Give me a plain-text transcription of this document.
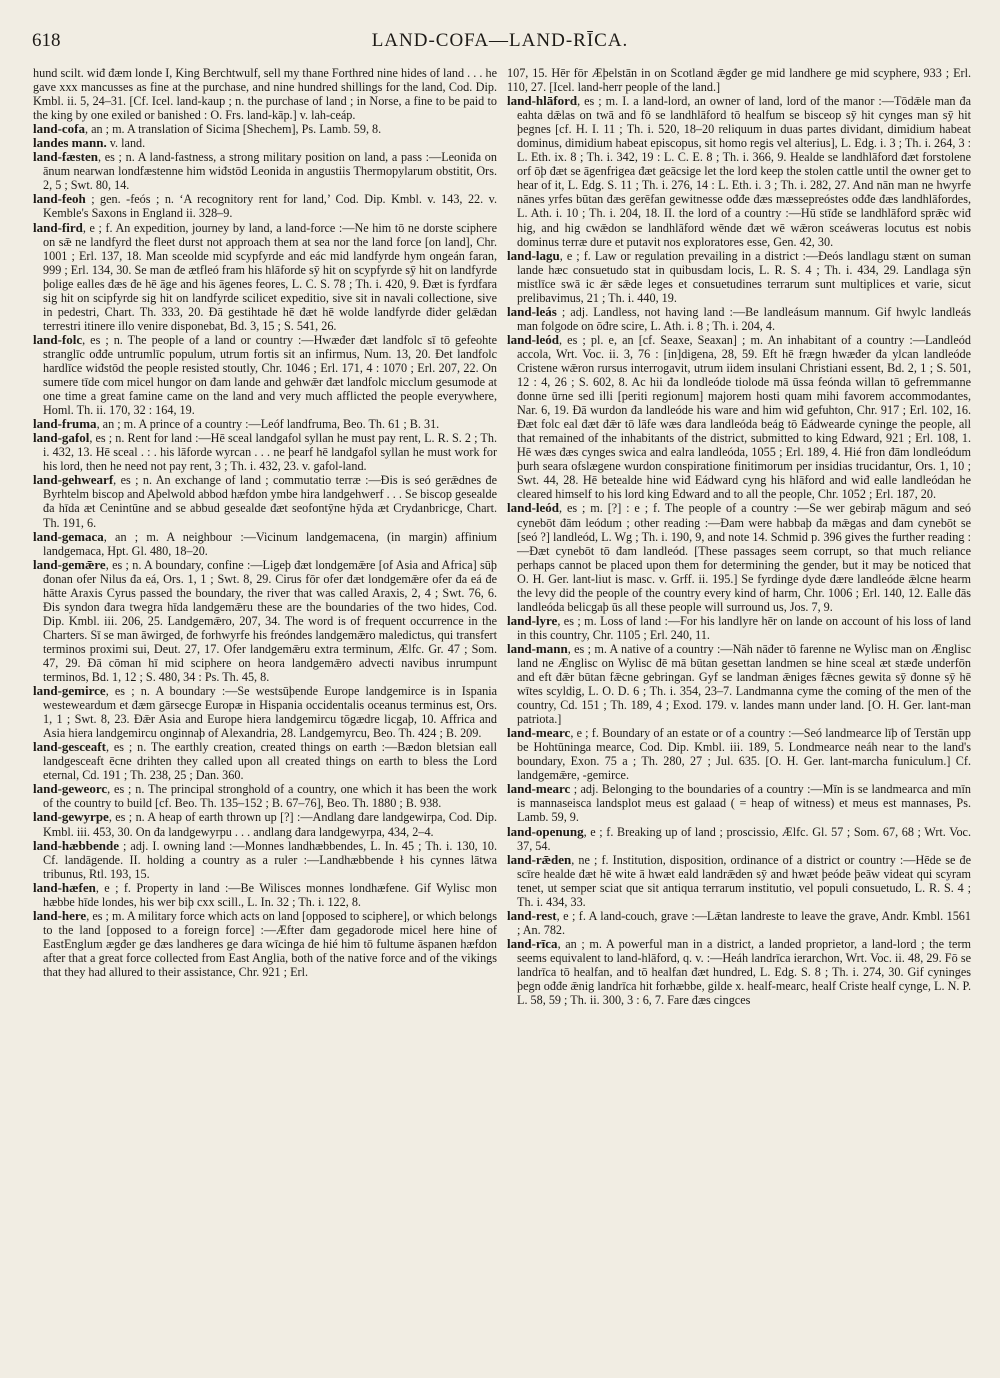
618	LAND-COFA—LAND-RĪCA.

hund scilt. wiđ đæm londe I, King Berchtwulf, sell my thane Forthred nine hides of land . . . he gave xxx mancusses as fine at the purchase, and nine hundred shillings for the land, Cod. Dip. Kmbl. ii. 5, 24–31. [Cf. Icel. land-kaup ; n. the purchase of land ; in Norse, a fine to be paid to the king by one exiled or banished : O. Frs. land-kāp.] v. lah-ceáp.

land-cofa, an ; m. A translation of Sicima [Shechem], Ps. Lamb. 59, 8.

landes mann. v. land.

land-fæsten, es ; n. A land-fastness, a strong military position on land, a pass :—Leoniđa on ānum nearwan londfæstenne him wiđstōd Leonida in angustiis Thermopylarum obstitit, Ors. 2, 5 ; Swt. 80, 14.

land-feoh ; gen. -feós ; n. ‘A recognitory rent for land,’ Cod. Dip. Kmbl. v. 143, 22. v. Kemble's Saxons in England ii. 328–9.

land-fird, e ; f. An expedition, journey by land, a land-force :—Ne him tō ne dorste sciphere on sǣ ne landfyrd the fleet durst not approach them at sea nor the land force [on land], Chr. 1001 ; Erl. 137, 18. Man sceolde mid scypfyrde and eác mid landfyrde hym ongeán faran, 999 ; Erl. 134, 30. Se man đe ætfleó fram his hlāforde sȳ hit on scypfyrde sȳ hit on landfyrde þolige ealles đæs đe hē āge and his āgenes feores, L. C. S. 78 ; Th. i. 420, 9. Đæt is fyrdfara sig hit on scipfyrde sig hit on landfyrde scilicet expeditio, sive sit in navali collectione, sive in pedestri, Chart. Th. 333, 20. Đā gestihtade hē đæt hē wolde landfyrde đider gelǣdan terrestri itinere illo venire disponebat, Bd. 3, 15 ; S. 541, 26.

land-folc, es ; n. The people of a land or country :—Hwæđer đæt landfolc sī tō gefeohte stranglīc ođđe untrumlīc populum, utrum fortis sit an infirmus, Num. 13, 20. Đet landfolc hardlīce wiđstōd the people resisted stoutly, Chr. 1046 ; Erl. 171, 4 : 1070 ; Erl. 207, 22. On sumere tīde com micel hungor on đam lande and gehwǣr đæt landfolc micclum gesumode at one time a great famine came on the land and very much afflicted the people everywhere, Homl. Th. ii. 170, 32 : 164, 19.

land-fruma, an ; m. A prince of a country :—Leóf landfruma, Beo. Th. 61 ; B. 31.

land-gafol, es ; n. Rent for land :—Hē sceal landgafol syllan he must pay rent, L. R. S. 2 ; Th. i. 432, 13. Hē sceal . : . his lāforde wyrcan . . . ne þearf hē landgafol syllan he must work for his lord, then he need not pay rent, 3 ; Th. i. 432, 23. v. gafol-land.

land-gehwearf, es ; n. An exchange of land ; commutatio terræ :—Đis is seó gerǣdnes đe Byrhtelm biscop and Aþelwold abbod hæfdon ymbe hira landgehwerf . . . Se biscop gesealde đa hīda æt Cenintūne and se abbud gesealde đæt seofontȳne hȳda æt Crydanbricge, Chart. Th. 191, 6.

land-gemaca, an ; m. A neighbour :—Vicinum landgemacena, (in margin) affinium landgemaca, Hpt. Gl. 480, 18–20.

land-gemǣre, es ; n. A boundary, confine :—Ligeþ đæt londgemǣre [of Asia and Africa] sūþ đonan ofer Nilus đa eá, Ors. 1, 1 ; Swt. 8, 29. Cirus fōr ofer đæt londgemǣre ofer đa eá đe hātte Araxis Cyrus passed the boundary, the river that was called Araxis, 2, 4 ; Swt. 76, 6. Đis syndon đara twegra hīda landgemǣru these are the boundaries of the two hides, Cod. Dip. Kmbl. iii. 206, 25. Landgemǣro, 207, 34. The word is of frequent occurrence in the Charters. Sī se man āwirged, đe forhwyrfe his freóndes landgemǣro maledictus, qui transfert terminos proximi sui, Deut. 27, 17. Ofer landgemǣru extra terminum, Ælfc. Gr. 47 ; Som. 47, 29. Đā cōman hī mid sciphere on heora landgemǣro advecti navibus inrumpunt terminos, Bd. 1, 12 ; S. 480, 34 : Ps. Th. 45, 8.

land-gemirce, es ; n. A boundary :—Se westsūþende Europe landgemirce is in Ispania westeweardum et đæm gārsecge Europæ in Hispania occidentalis oceanus terminus est, Ors. 1, 1 ; Swt. 8, 23. Đǣr Asia and Europe hiera landgemircu tōgædre licgaþ, 10. Affrica and Asia hiera landgemircu onginnaþ of Alexandria, 28. Landgemyrcu, Beo. Th. 424 ; B. 209.

land-gesceaft, es ; n. The earthly creation, created things on earth :—Bædon bletsian eall landgesceaft ēcne drihten they called upon all created things on earth to bless the Lord eternal, Cd. 191 ; Th. 238, 25 ; Dan. 360.

land-geweorc, es ; n. The principal stronghold of a country, one which it has been the work of the country to build [cf. Beo. Th. 135–152 ; B. 67–76], Beo. Th. 1880 ; B. 938.

land-gewyrpe, es ; n. A heap of earth thrown up [?] :—Andlang đare landgewirpa, Cod. Dip. Kmbl. iii. 453, 30. On đa landgewyrpu . . . andlang đara landgewyrpa, 434, 2–4.

land-hæbbende ; adj. I. owning land :—Monnes landhæbbendes, L. In. 45 ; Th. i. 130, 10. Cf. landāgende. II. holding a country as a ruler :—Landhæbbende ł his cynnes lātwa tribunus, Rtl. 193, 15.

land-hæfen, e ; f. Property in land :—Be Wilisces monnes londhæfene. Gif Wylisc mon hæbbe hīde londes, his wer biþ cxx scill., L. In. 32 ; Th. i. 122, 8.

land-here, es ; m. A military force which acts on land [opposed to sciphere], or which belongs to the land [opposed to a foreign force] :—Æfter đam gegadorode micel here hine of EastEnglum ægđer ge đæs landheres ge đara wīcinga đe hié him tō fultume āspanen hæfdon after that a great force collected from East Anglia, both of the native force and of the vikings that they had allured to their assistance, Chr. 921 ; Erl.

107, 15. Hēr fōr Æþelstān in on Scotland ǣgđer ge mid landhere ge mid scyphere, 933 ; Erl. 110, 27. [Icel. land-herr people of the land.]

land-hlāford, es ; m. I. a land-lord, an owner of land, lord of the manor :—Tōdǣle man đa eahta dǣlas on twā and fō se landhlāford tō healfum se bisceop sȳ hit cynges man sȳ hit þegnes [cf. H. I. 11 ; Th. i. 520, 18–20 reliquum in duas partes dividant, dimidium habeat dominus, dimidium habeat episcopus, sit homo regis vel alterius], L. Edg. i. 3 ; Th. i. 264, 3 : L. Eth. ix. 8 ; Th. i. 342, 19 : L. C. E. 8 ; Th. i. 366, 9. Healde se landhlāford đæt forstolene orf ōþ đæt se āgenfrigea đæt geācsige let the lord keep the stolen cattle until the owner get to hear of it, L. Edg. S. 11 ; Th. i. 276, 14 : L. Eth. i. 3 ; Th. i. 282, 27. And nān man ne hwyrfe nānes yrfes būtan đæs gerēfan gewitnesse ođđe đæs mæssepreóstes ođđe đæs landhlāfordes, L. Ath. i. 10 ; Th. i. 204, 18. II. the lord of a country :—Hū stīđe se landhlāford sprǣc wiđ hig, and hig cwǣdon se landhlāford wēnde đæt wē wǣron sceáweras locutus est nobis dominus terræ dure et putavit nos exploratores esse, Gen. 42, 30.

land-lagu, e ; f. Law or regulation prevailing in a district :—Đeós landlagu stænt on suman lande hæc consuetudo stat in quibusdam locis, L. R. S. 4 ; Th. i. 434, 29. Landlaga sȳn mistlīce swā ic ǣr sǣde leges et consuetudines terrarum sunt multiplices et varie, sicut prelibavimus, 21 ; Th. i. 440, 19.

land-leás ; adj. Landless, not having land :—Be landleásum mannum. Gif hwylc landleás man folgode on ōđre scire, L. Ath. i. 8 ; Th. i. 204, 4.

land-leód, es ; pl. e, an [cf. Seaxe, Seaxan] ; m. An inhabitant of a country :—Landleód accola, Wrt. Voc. ii. 3, 76 : [in]digena, 28, 59. Eft hē frægn hwæđer đa ylcan landleóde Cristene wǣron rursus interrogavit, utrum iidem insulani Christiani essent, Bd. 2, 1 ; S. 501, 12 : 4, 26 ; S. 602, 8. Ac hii đa londleóde tiolode mā ūssa feónda willan tō gefremmanne đonne ūrne sed illi [periti regionum] majorem hosti quam mihi favorem accommodantes, Nar. 6, 19. Đā wurdon đa landleóde his ware and him wiđ gefuhton, Chr. 917 ; Erl. 102, 16. Đæt folc eal đæt đǣr tō lāfe wæs đara landleóda beág tō Eádwearde cyninge the people, all that remained of the inhabitants of the district, submitted to king Edward, 921 ; Erl. 108, 1. Hē wæs đæs cynges swica and ealra landleóda, 1055 ; Erl. 189, 4. Hié fron đām londleódum þurh seara ofslægene wurdon conspiratione finitimorum per insidias trucidantur, Ors. 1, 10 ; Swt. 44, 28. Hē betealde hine wiđ Eádward cyng his hlāford and wiđ ealle landleódan he cleared himself to his lord king Edward and to all the people, Chr. 1052 ; Erl. 187, 20.

land-leód, es ; m. [?] : e ; f. The people of a country :—Se wer gebiraþ māgum and seó cynebōt đām leódum ; other reading :—Đam were habbaþ đa mǣgas and đam cynebōt se [seó ?] landleód, L. Wg ; Th. i. 190, 9, and note 14. Schmid p. 396 gives the further reading :—Đæt cynebōt tō đam landleód. [These passages seem corrupt, so that much reliance perhaps cannot be placed upon them for determining the gender, but it may be noticed that O. H. Ger. lant-liut is masc. v. Grff. ii. 195.] Se fyrdinge dyde đære landleóde ǣlcne hearm the levy did the people of the country every kind of harm, Chr. 1006 ; Erl. 140, 12. Ealle đās landleóda belicgaþ ūs all these people will surround us, Jos. 7, 9.

land-lyre, es ; m. Loss of land :—For his landlyre hēr on lande on account of his loss of land in this country, Chr. 1105 ; Erl. 240, 11.

land-mann, es ; m. A native of a country :—Nāh nāđer tō farenne ne Wylisc man on Ænglisc land ne Ænglisc on Wylisc đē mā būtan gesettan landmen se hine sceal æt stæđe underfōn and eft đǣr būtan fǣcne gebringan. Gyf se landman ǣniges fǣcnes gewita sȳ đonne sȳ hē wītes scyldig, L. O. D. 6 ; Th. i. 354, 23–7. Landmanna cyme the coming of the men of the country, Cd. 151 ; Th. 189, 4 ; Exod. 179. v. landes mann under land. [O. H. Ger. lant-man patriota.]

land-mearc, e ; f. Boundary of an estate or of a country :—Seó landmearce līþ of Terstān upp be Hohtūninga mearce, Cod. Dip. Kmbl. iii. 189, 5. Londmearce neáh near to the land's boundary, Exon. 75 a ; Th. 280, 27 ; Jul. 635. [O. H. Ger. lant-marcha funiculum.] Cf. landgemǣre, -gemirce.

land-mearc ; adj. Belonging to the boundaries of a country :—Mīn is se landmearca and mīn is mannaseisca landsplot meus est galaad ( = heap of witness) et meus est manna‌ses, Ps. Lamb. 59, 9.

land-openung, e ; f. Breaking up of land ; proscissio, Ælfc. Gl. 57 ; Som. 67, 68 ; Wrt. Voc. 37, 54.

land-rǣden, ne ; f. Institution, disposition, ordinance of a district or country :—Hēde se đe scīre healde đæt hē wite ā hwæt eald landrǣden sȳ and hwæt þeóde þeāw videat qui scyram tenet, ut semper sciat que sit antiqua terrarum institutio, vel populi consuetudo, L. R. S. 4 ; Th. i. 434, 33.

land-rest, e ; f. A land-couch, grave :—Lǣtan landreste to leave the grave, Andr. Kmbl. 1561 ; An. 782.

land-rīca, an ; m. A powerful man in a district, a landed proprietor, a land-lord ; the term seems equivalent to land-hlāford, q. v. :—Heáh landrīca ierarchon, Wrt. Voc. ii. 48, 29. Fō se landrīca tō healfan, and tō healfan đæt hundred, L. Edg. S. 8 ; Th. i. 274, 30. Gif cyninges þegn ođđe ǣnig landrīca hit forhæbbe, gilde x. healf-mearc, healf Criste healf cynge, L. N. P. L. 58, 59 ; Th. ii. 300, 3 : 6, 7. Fare đæs cingces
